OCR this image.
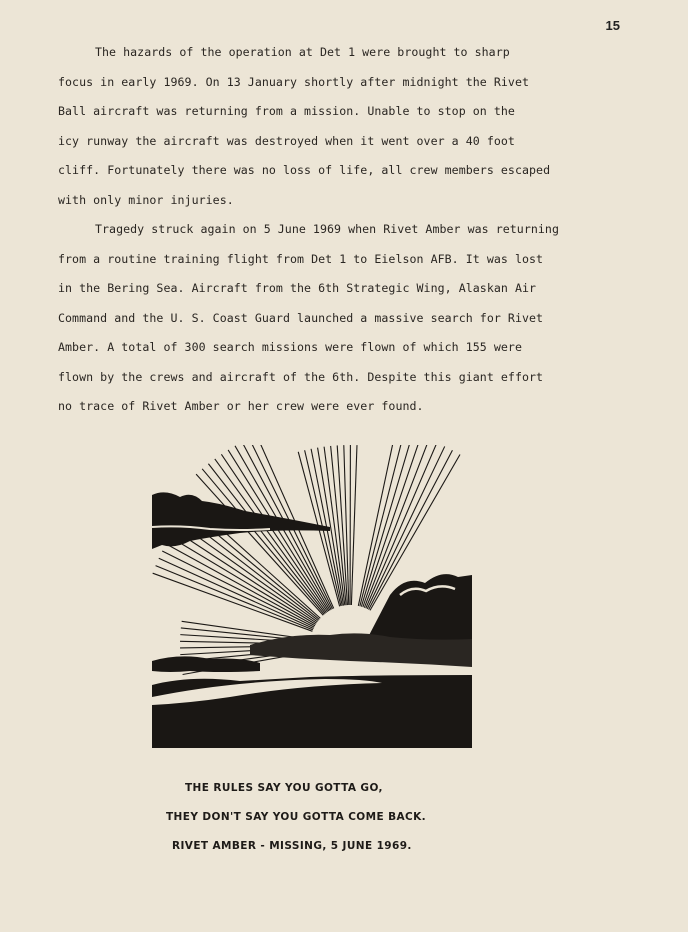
15
The hazards of the operation at Det 1 were brought to sharp
focus in early 1969. On 13 January shortly after midnight the Rivet
Ball aircraft was returning from a mission. Unable to stop on the
icy runway the aircraft was destroyed when it went over a 40 foot
cliff. Fortunately there was no loss of life, all crew members escaped
with only minor injuries.
Tragedy struck again on 5 June 1969 when Rivet Amber was returning
from a routine training flight from Det 1 to Eielson AFB. It was lost
in the Bering Sea. Aircraft from the 6th Strategic Wing, Alaskan Air
Command and the U. S. Coast Guard launched a massive search for Rivet
Amber. A total of 300 search missions were flown of which 155 were
flown by the crews and aircraft of the 6th. Despite this giant effort
no trace of Rivet Amber or her crew were ever found.
THE RULES SAY YOU GOTTA GO,
THEY DON'T SAY YOU GOTTA COME BACK.
RIVET AMBER - MISSING, 5 JUNE 1969.
